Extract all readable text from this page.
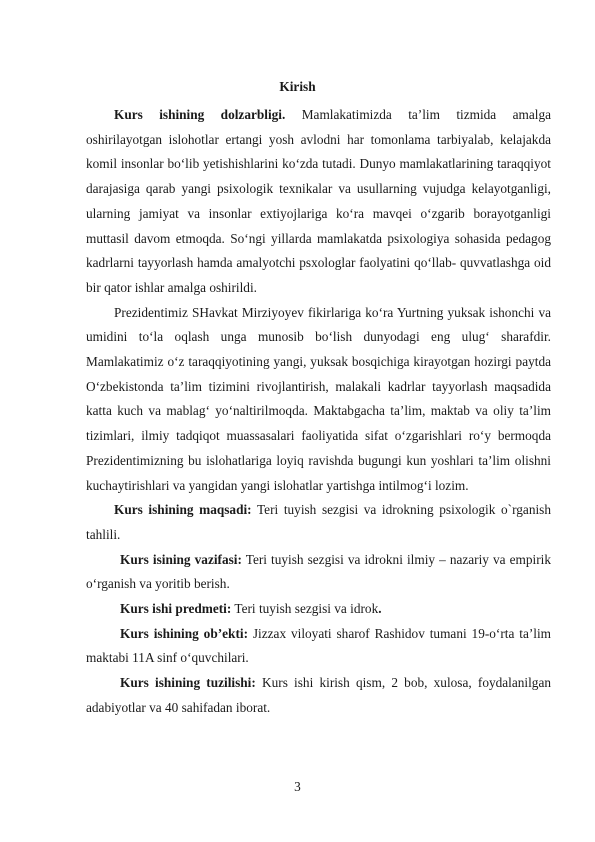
Kirish

Kurs ishining dolzarbligi. Mamlakatimizda ta’lim tizmida amalga oshirilayotgan islohotlar ertangi yosh avlodni har tomonlama tarbiyalab, kelajakda komil insonlar bo‘lib yetishishlarini ko‘zda tutadi. Dunyo mamlakatlarining taraqqiyot darajasiga qarab yangi psixologik texnikalar va usullarning vujudga kelayotganligi, ularning jamiyat va insonlar extiyojlariga ko‘ra mavqei o‘zgarib borayotganligi muttasil davom etmoqda. So‘ngi yillarda mamlakatda psixologiya sohasida pedagog kadrlarni tayyorlash hamda amalyotchi psxologlar faolyatini qo‘llab- quvvatlashga oid bir qator ishlar amalga oshirildi.

Prezidentimiz SHavkat Mirziyoyev fikirlariga ko‘ra Yurtning yuksak ishonchi va umidini to‘la oqlash unga munosib bo‘lish dunyodagi eng ulug‘ sharafdir. Mamlakatimiz o‘z taraqqiyotining yangi, yuksak bosqichiga kirayotgan hozirgi paytda O‘zbekistonda ta’lim tizimini rivojlantirish, malakali kadrlar tayyorlash maqsadida katta kuch va mablag‘ yo‘naltirilmoqda. Maktabgacha ta’lim, maktab va oliy ta’lim tizimlari, ilmiy tadqiqot muassasalari faoliyatida sifat o‘zgarishlari ro‘y bermoqda Prezidentimizning bu islohatlariga loyiq ravishda bugungi kun yoshlari ta’lim olishni kuchaytirishlari va yangidan yangi islohatlar yartishga intilmog‘i lozim.

Kurs ishining maqsadi: Teri tuyish sezgisi va idrokning psixologik o`rganish tahlili.

Kurs isining vazifasi: Teri tuyish sezgisi va idrokni ilmiy – nazariy va empirik o‘rganish va yoritib berish.

Kurs ishi predmeti: Teri tuyish sezgisi va idrok.

Kurs ishining ob’ekti: Jizzax viloyati sharof Rashidov tumani 19-o‘rta ta’lim maktabi 11A sinf o‘quvchilari.

Kurs ishining tuzilishi: Kurs ishi kirish qism, 2 bob, xulosa, foydalanilgan adabiyotlar va 40 sahifadan iborat.

3
